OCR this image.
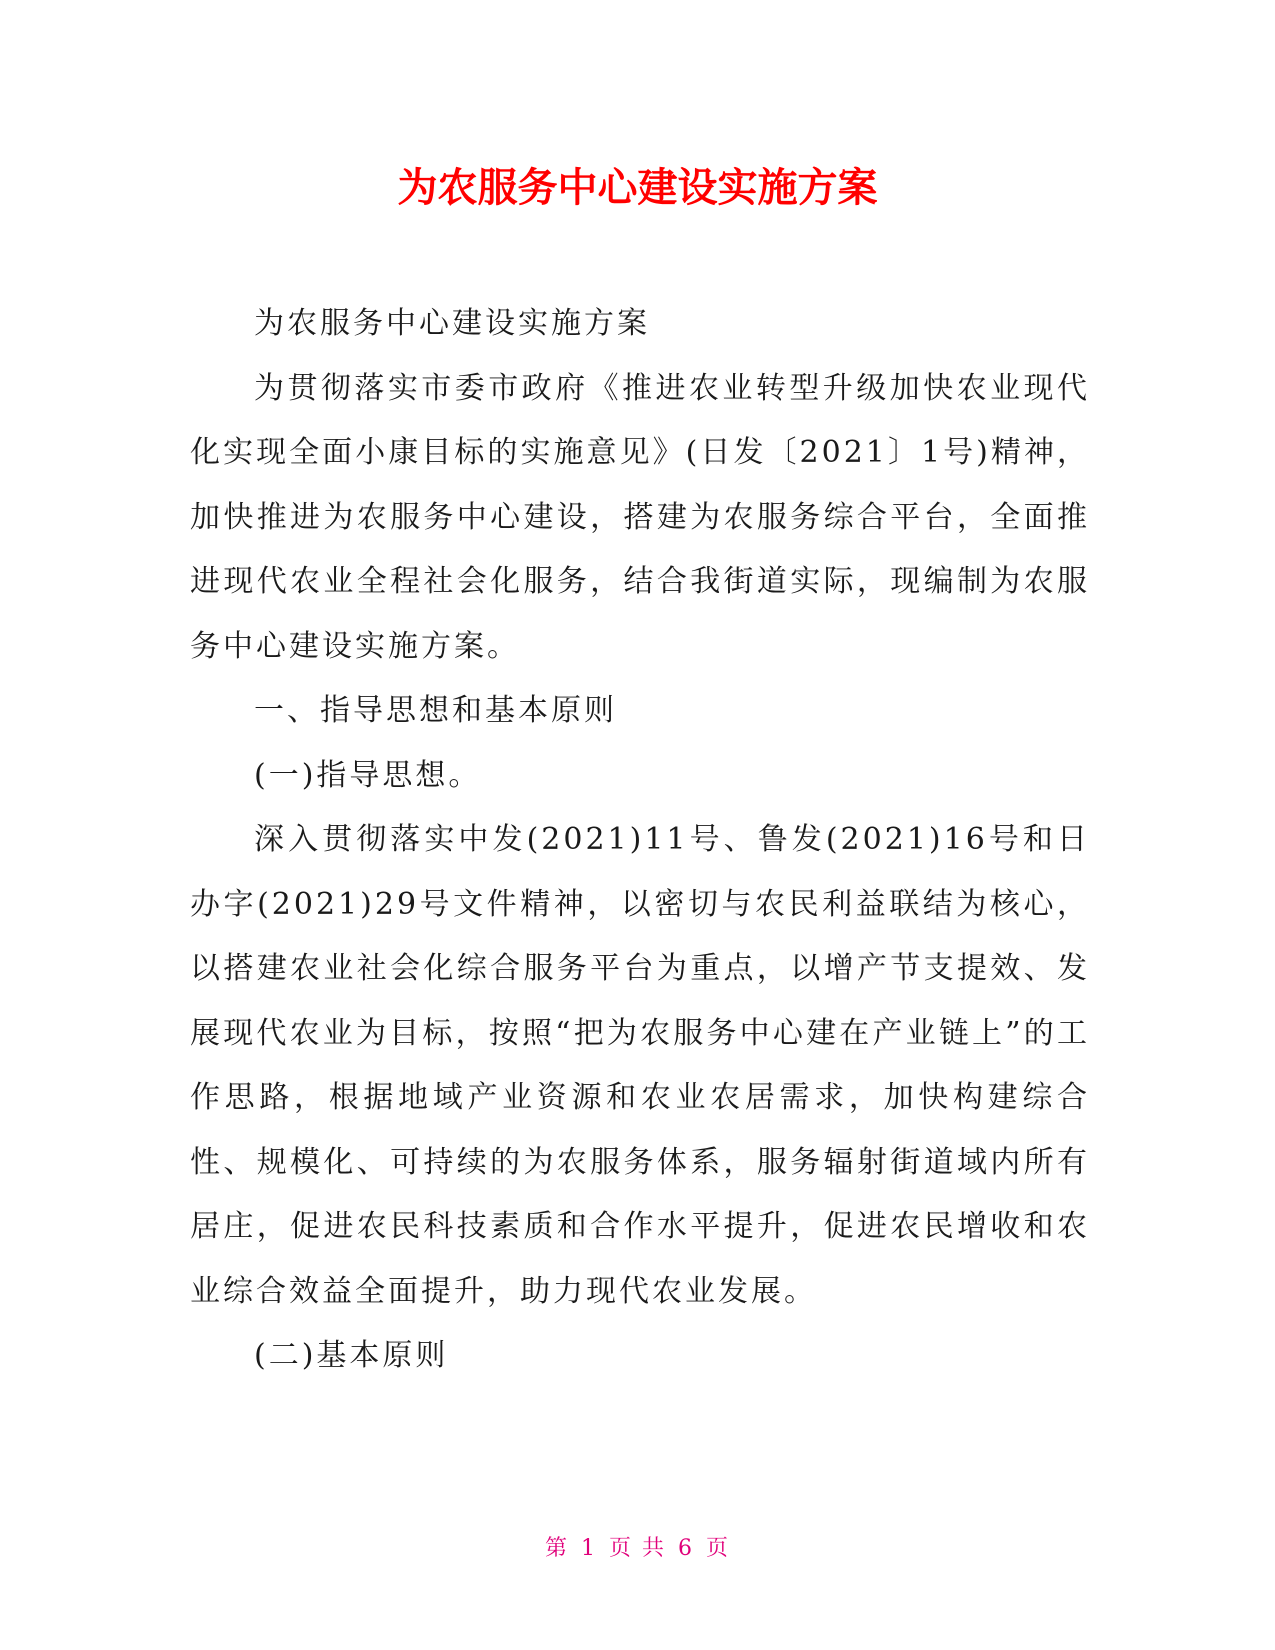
为农服务中心建设实施方案

为农服务中心建设实施方案

为贯彻落实市委市政府《推进农业转型升级加快农业现代化实现全面小康目标的实施意见》(日发〔2021〕1号)精神，加快推进为农服务中心建设，搭建为农服务综合平台，全面推进现代农业全程社会化服务，结合我街道实际，现编制为农服务中心建设实施方案。

一、指导思想和基本原则

(一)指导思想。

深入贯彻落实中发(2021)11号、鲁发(2021)16号和日办字(2021)29号文件精神，以密切与农民利益联结为核心，以搭建农业社会化综合服务平台为重点，以增产节支提效、发展现代农业为目标，按照“把为农服务中心建在产业链上”的工作思路，根据地域产业资源和农业农居需求，加快构建综合性、规模化、可持续的为农服务体系，服务辐射街道域内所有居庄，促进农民科技素质和合作水平提升，促进农民增收和农业综合效益全面提升，助力现代农业发展。

(二)基本原则

第 1 页 共 6 页
